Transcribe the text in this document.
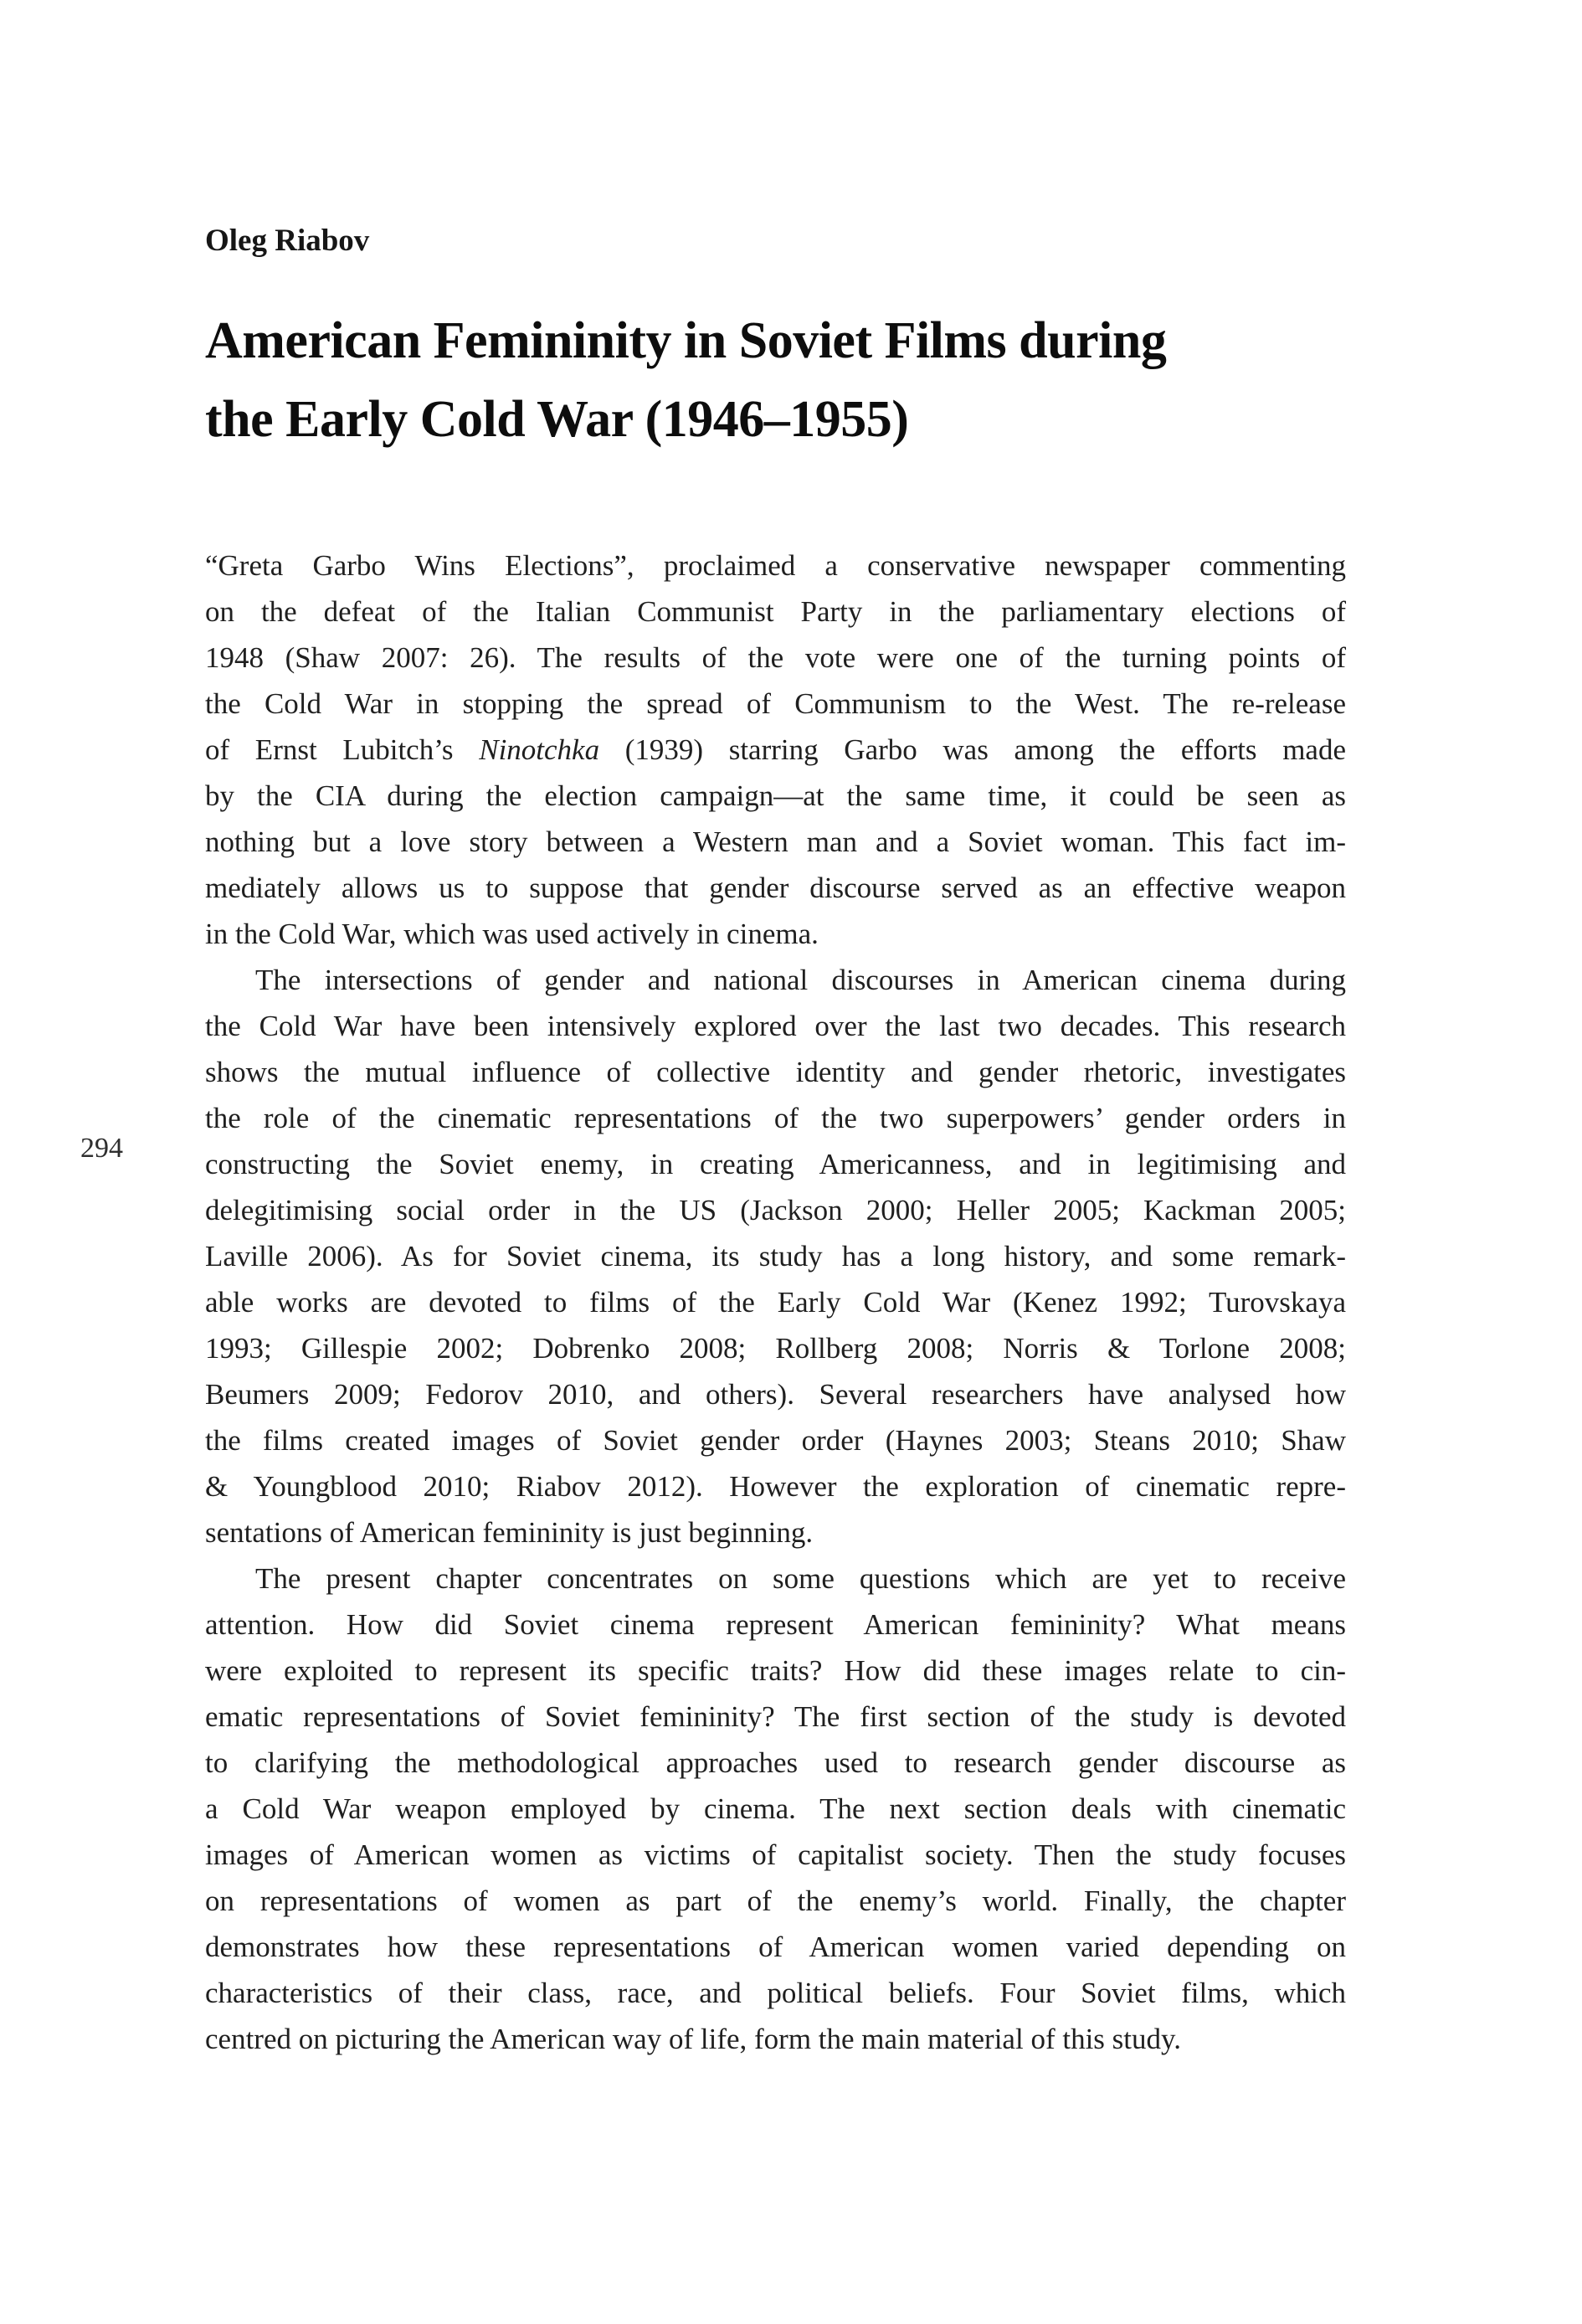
294
Oleg Riabov
American Femininity in Soviet Films during
the Early Cold War (1946–1955)
“Greta Garbo Wins Elections”, proclaimed a conservative newspaper commenting
on the defeat of the Italian Communist Party in the parliamentary elections of
1948 (Shaw 2007: 26). The results of the vote were one of the turning points of
the Cold War in stopping the spread of Communism to the West. The re-release
of Ernst Lubitch’s Ninotchka (1939) starring Garbo was among the efforts made
by the CIA during the election campaign—at the same time, it could be seen as
nothing but a love story between a Western man and a Soviet woman. This fact im-
mediately allows us to suppose that gender discourse served as an effective weapon
in the Cold War, which was used actively in cinema.
The intersections of gender and national discourses in American cinema during
the Cold War have been intensively explored over the last two decades. This research
shows the mutual influence of collective identity and gender rhetoric, investigates
the role of the cinematic representations of the two superpowers’ gender orders in
constructing the Soviet enemy, in creating Americanness, and in legitimising and
delegitimising social order in the US (Jackson 2000; Heller 2005; Kackman 2005;
Laville 2006). As for Soviet cinema, its study has a long history, and some remark-
able works are devoted to films of the Early Cold War (Kenez 1992; Turovskaya
1993; Gillespie 2002; Dobrenko 2008; Rollberg 2008; Norris & Torlone 2008;
Beumers 2009; Fedorov 2010, and others). Several researchers have analysed how
the films created images of Soviet gender order (Haynes 2003; Steans 2010; Shaw
& Youngblood 2010; Riabov 2012). However the exploration of cinematic repre-
sentations of American femininity is just beginning.
The present chapter concentrates on some questions which are yet to receive
attention. How did Soviet cinema represent American femininity? What means
were exploited to represent its specific traits? How did these images relate to cin-
ematic representations of Soviet femininity? The first section of the study is devoted
to clarifying the methodological approaches used to research gender discourse as
a Cold War weapon employed by cinema. The next section deals with cinematic
images of American women as victims of capitalist society. Then the study focuses
on representations of women as part of the enemy’s world. Finally, the chapter
demonstrates how these representations of American women varied depending on
characteristics of their class, race, and political beliefs. Four Soviet films, which
centred on picturing the American way of life, form the main material of this study.
